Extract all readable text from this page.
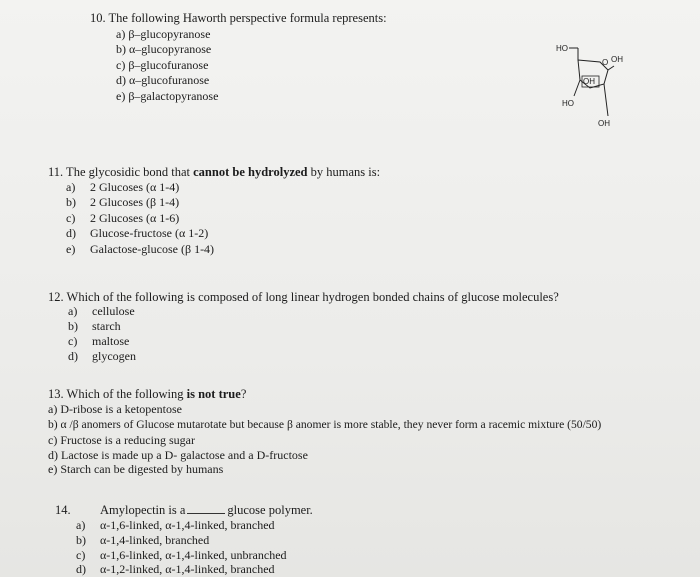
10. The following Haworth perspective formula represents:
a) β–glucopyranose
b) α–glucopyranose
c) β–glucofuranose
d) α–glucofuranose
e) β–galactopyranose
HO
O OH
OH
HO
OH
11. The glycosidic bond that cannot be hydrolyzed by humans is:
a) 2 Glucoses (α 1-4)
b) 2 Glucoses (β 1-4)
c) 2 Glucoses (α 1-6)
d) Glucose-fructose (α 1-2)
e) Galactose-glucose (β 1-4)
12. Which of the following is composed of long linear hydrogen bonded chains of glucose molecules?
a) cellulose
b) starch
c) maltose
d) glycogen
13. Which of the following is not true?
a) D-ribose is a ketopentose
b) α /β anomers of Glucose mutarotate but because β anomer is more stable, they never form a racemic mixture (50/50)
c) Fructose is a reducing sugar
d) Lactose is made up a D- galactose and a D-fructose
e) Starch can be digested by humans
14. Amylopectin is a	glucose polymer.
a) α-1,6-linked, α-1,4-linked, branched
b) α-1,4-linked, branched
c) α-1,6-linked, α-1,4-linked, unbranched
d) α-1,2-linked, α-1,4-linked, branched
